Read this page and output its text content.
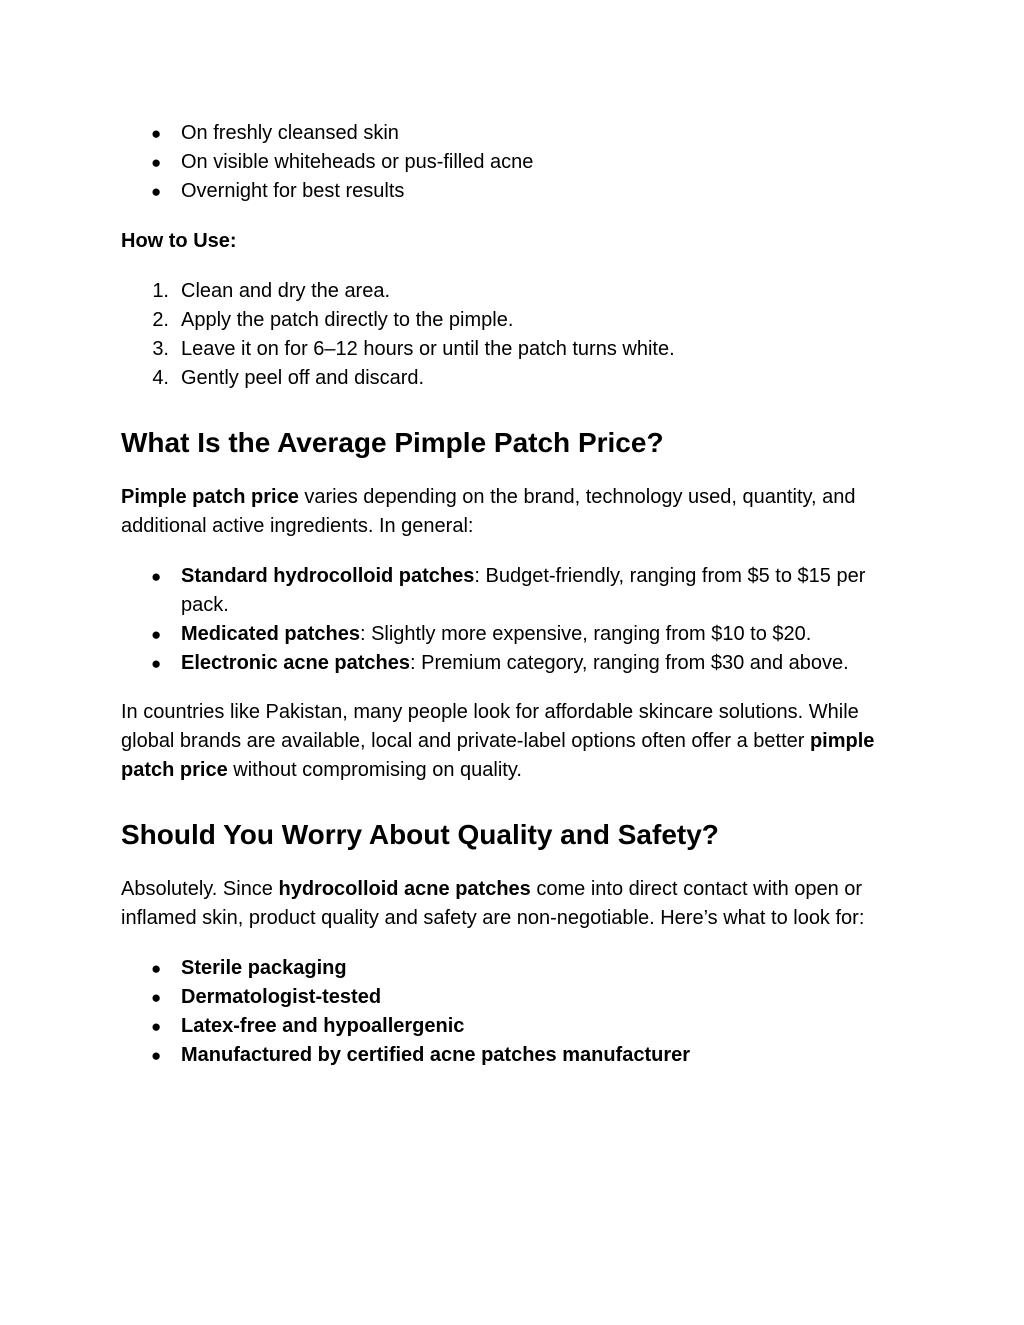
● On freshly cleansed skin
● On visible whiteheads or pus-filled acne
● Overnight for best results

How to Use:

1. Clean and dry the area.
2. Apply the patch directly to the pimple.
3. Leave it on for 6–12 hours or until the patch turns white.
4. Gently peel off and discard.
What Is the Average Pimple Patch Price?

Pimple patch price varies depending on the brand, technology used, quantity, and additional active ingredients. In general:

● Standard hydrocolloid patches: Budget-friendly, ranging from $5 to $15 per pack.
● Medicated patches: Slightly more expensive, ranging from $10 to $20.
● Electronic acne patches: Premium category, ranging from $30 and above.

In countries like Pakistan, many people look for affordable skincare solutions. While global brands are available, local and private-label options often offer a better pimple patch price without compromising on quality.

Should You Worry About Quality and Safety?

Absolutely. Since hydrocolloid acne patches come into direct contact with open or inflamed skin, product quality and safety are non-negotiable. Here’s what to look for:

● Sterile packaging
● Dermatologist-tested
● Latex-free and hypoallergenic
● Manufactured by certified acne patches manufacturer
